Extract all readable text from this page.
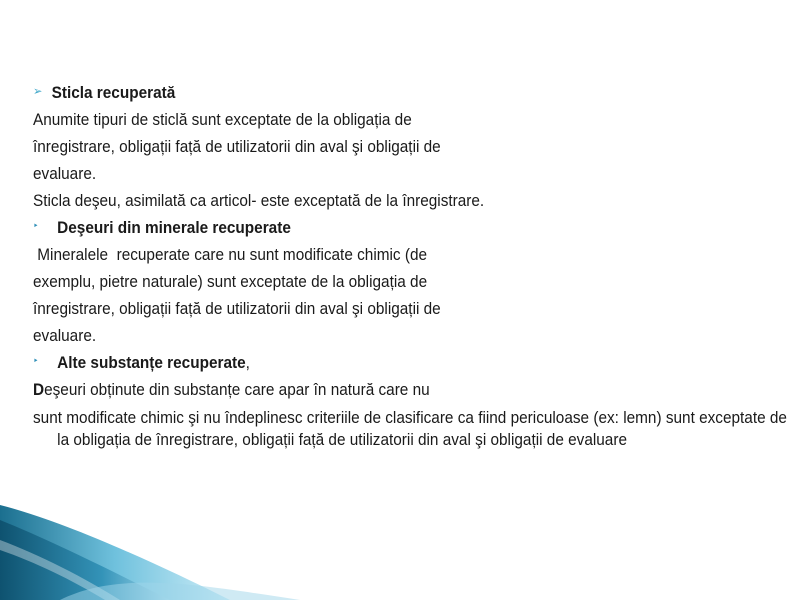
➢ Sticla recuperată
Anumite tipuri de sticlă sunt exceptate de la obligația de
înregistrare, obligații față de utilizatorii din aval şi obligații de
evaluare.
Sticla deşeu, asimilată ca articol- este exceptată de la înregistrare.
‣ Deşeuri din minerale recuperate
Mineralele  recuperate care nu sunt modificate chimic (de
exemplu, pietre naturale) sunt exceptate de la obligația de
înregistrare, obligații față de utilizatorii din aval şi obligații de
evaluare.
‣ Alte substanțe recuperate,
Deşeuri obținute din substanțe care apar în natură care nu
sunt modificate chimic şi nu îndeplinesc criteriile de clasificare ca fiind periculoase (ex: lemn) sunt exceptate de la obligația de înregistrare, obligații față de utilizatorii din aval şi obligații de evaluare
